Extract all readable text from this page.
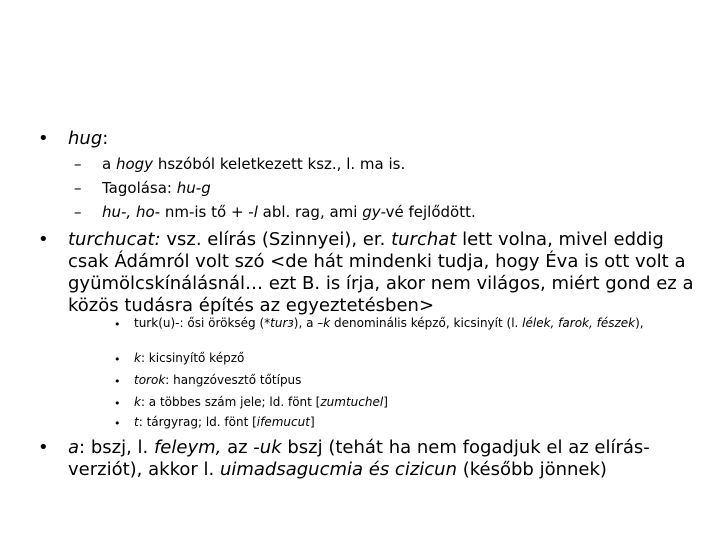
• hug:
– a hogy hszóból keletkezett ksz., l. ma is.
– Tagolása: hu-g
– hu-, ho- nm-is tő + -l abl. rag, ami gy-vé fejlődött.
• turchucat: vsz. elírás (Szinnyei), er. turchat lett volna, mivel eddig csak Ádámról volt szó <de hát mindenki tudja, hogy Éva is ott volt a gyümölcskínálásnál… ezt B. is írja, akor nem világos, miért gond ez a közös tudásra építés az egyeztetésben>
• turk(u)-: ősi örökség (*turз), a –k denominális képző, kicsinyít (l. lélek, farok, fészek),
• k: kicsinyítő képző
• torok: hangzóvesztő tőtípus
• k: a többes szám jele; ld. fönt [zumtuchel]
• t: tárgyrag; ld. fönt [ifemucut]
• a: bszj, l. feleym, az -uk bszj (tehát ha nem fogadjuk el az elírás-verziót), akkor l. uimadsagucmia és cizicun (később jönnek)
